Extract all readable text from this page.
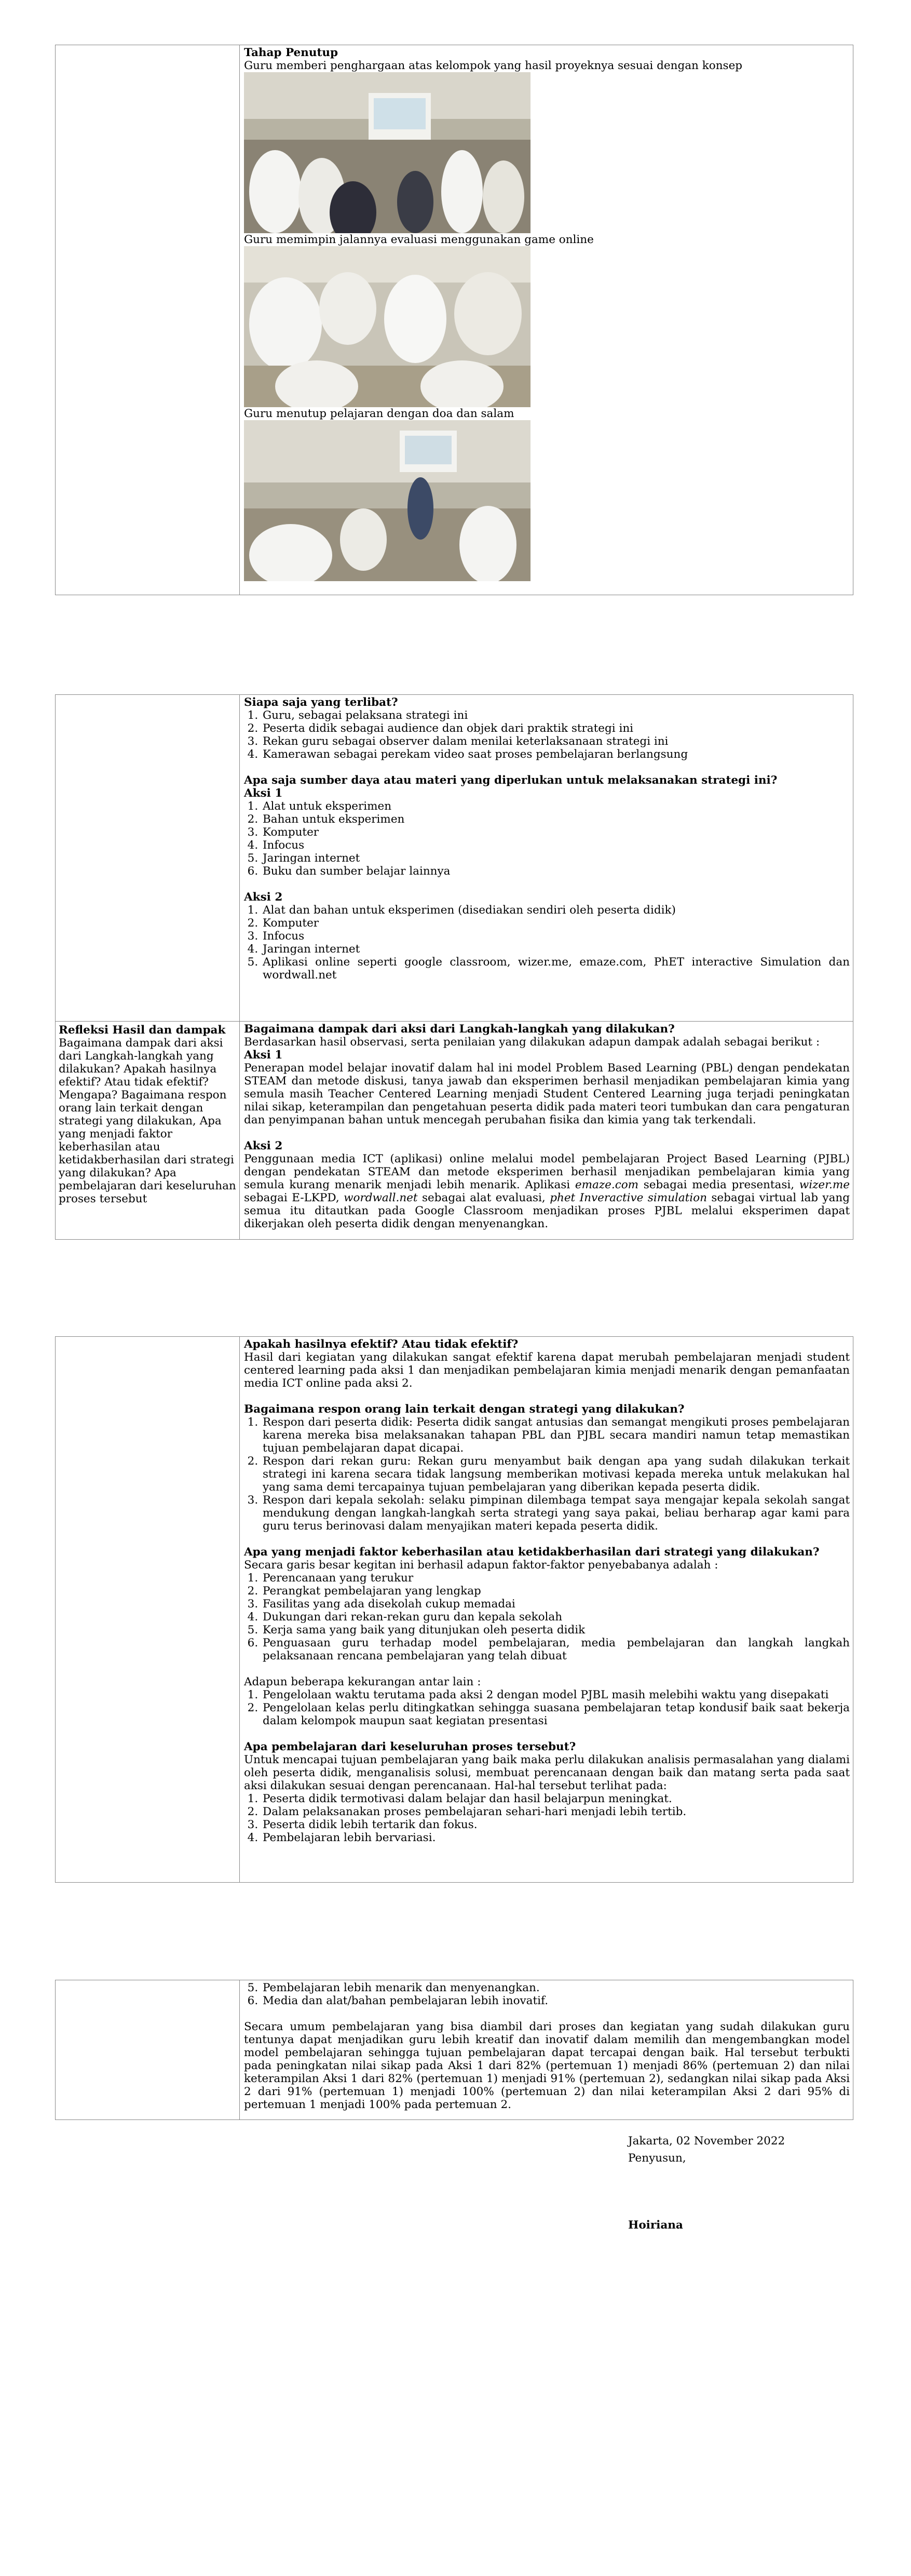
Tahap Penutup
Guru memberi penghargaan atas kelompok yang hasil proyeknya sesuai dengan konsep
Guru memimpin jalannya evaluasi menggunakan game online
Guru menutup pelajaran dengan doa dan salam
Siapa saja yang terlibat?
1. Guru, sebagai pelaksana strategi ini
2. Peserta didik sebagai audience dan objek dari praktik strategi ini
3. Rekan guru sebagai observer dalam menilai keterlaksanaan strategi ini
4. Kamerawan sebagai perekam video saat proses pembelajaran berlangsung
Apa saja sumber daya atau materi yang diperlukan untuk melaksanakan strategi ini?
Aksi 1
1. Alat untuk eksperimen
2. Bahan untuk eksperimen
3. Komputer
4. Infocus
5. Jaringan internet
6. Buku dan sumber belajar lainnya
Aksi 2
1. Alat dan bahan untuk eksperimen (disediakan sendiri oleh peserta didik)
2. Komputer
3. Infocus
4. Jaringan internet
5. Aplikasi online seperti google classroom, wizer.me, emaze.com, PhET interactive Simulation dan wordwall.net
Refleksi Hasil dan dampak
Bagaimana dampak dari aksi dari Langkah-langkah yang dilakukan? Apakah hasilnya efektif? Atau tidak efektif? Mengapa? Bagaimana respon orang lain terkait dengan strategi yang dilakukan, Apa yang menjadi faktor keberhasilan atau ketidakberhasilan dari strategi yang dilakukan? Apa pembelajaran dari keseluruhan proses tersebut
Bagaimana dampak dari aksi dari Langkah-langkah yang dilakukan?
Berdasarkan hasil observasi, serta penilaian yang dilakukan adapun dampak adalah sebagai berikut :
Aksi 1
Penerapan model belajar inovatif dalam hal ini model Problem Based Learning (PBL) dengan pendekatan STEAM dan metode diskusi, tanya jawab dan eksperimen berhasil menjadikan pembelajaran kimia yang semula masih Teacher Centered Learning menjadi Student Centered Learning juga terjadi peningkatan nilai sikap, keterampilan dan pengetahuan peserta didik pada materi teori tumbukan dan cara pengaturan dan penyimpanan bahan untuk mencegah perubahan fisika dan kimia yang tak terkendali.
Aksi 2
Penggunaan media ICT (aplikasi) online melalui model pembelajaran Project Based Learning (PJBL) dengan pendekatan STEAM dan metode eksperimen berhasil menjadikan pembelajaran kimia yang semula kurang menarik menjadi lebih menarik. Aplikasi emaze.com sebagai media presentasi, wizer.me sebagai E-LKPD, wordwall.net sebagai alat evaluasi, phet Inveractive simulation sebagai virtual lab yang semua itu ditautkan pada Google Classroom menjadikan proses PJBL melalui eksperimen dapat dikerjakan oleh peserta didik dengan menyenangkan.
Apakah hasilnya efektif? Atau tidak efektif?
Hasil dari kegiatan yang dilakukan sangat efektif karena dapat merubah pembelajaran menjadi student centered learning pada aksi 1 dan menjadikan pembelajaran kimia menjadi menarik dengan pemanfaatan media ICT online pada aksi 2.
Bagaimana respon orang lain terkait dengan strategi yang dilakukan?
1. Respon dari peserta didik: Peserta didik sangat antusias dan semangat mengikuti proses pembelajaran karena mereka bisa melaksanakan tahapan PBL dan PJBL secara mandiri namun tetap memastikan tujuan pembelajaran dapat dicapai.
2. Respon dari rekan guru: Rekan guru menyambut baik dengan apa yang sudah dilakukan terkait strategi ini karena secara tidak langsung memberikan motivasi kepada mereka untuk melakukan hal yang sama demi tercapainya tujuan pembelajaran yang diberikan kepada peserta didik.
3. Respon dari kepala sekolah: selaku pimpinan dilembaga tempat saya mengajar kepala sekolah sangat mendukung dengan langkah-langkah serta strategi yang saya pakai, beliau berharap agar kami para guru terus berinovasi dalam menyajikan materi kepada peserta didik.
Apa yang menjadi faktor keberhasilan atau ketidakberhasilan dari strategi yang dilakukan?
Secara garis besar kegitan ini berhasil adapun faktor-faktor penyebabanya adalah :
1. Perencanaan yang terukur
2. Perangkat pembelajaran yang lengkap
3. Fasilitas yang ada disekolah cukup memadai
4. Dukungan dari rekan-rekan guru dan kepala sekolah
5. Kerja sama yang baik yang ditunjukan oleh peserta didik
6. Penguasaan guru terhadap model pembelajaran, media pembelajaran dan langkah langkah pelaksanaan rencana pembelajaran yang telah dibuat
Adapun beberapa kekurangan antar lain :
1. Pengelolaan waktu terutama pada aksi 2 dengan model PJBL masih melebihi waktu yang disepakati
2. Pengelolaan kelas perlu ditingkatkan sehingga suasana pembelajaran tetap kondusif baik saat bekerja dalam kelompok maupun saat kegiatan presentasi
Apa pembelajaran dari keseluruhan proses tersebut?
Untuk mencapai tujuan pembelajaran yang baik maka perlu dilakukan analisis permasalahan yang dialami oleh peserta didik, menganalisis solusi, membuat perencanaan dengan baik dan matang serta pada saat aksi dilakukan sesuai dengan perencanaan. Hal-hal tersebut terlihat pada:
1. Peserta didik termotivasi dalam belajar dan hasil belajarpun meningkat.
2. Dalam pelaksanakan proses pembelajaran sehari-hari menjadi lebih tertib.
3. Peserta didik lebih tertarik dan fokus.
4. Pembelajaran lebih bervariasi.
5. Pembelajaran lebih menarik dan menyenangkan.
6. Media dan alat/bahan pembelajaran lebih inovatif.
Secara umum pembelajaran yang bisa diambil dari proses dan kegiatan yang sudah dilakukan guru tentunya dapat menjadikan guru lebih kreatif dan inovatif dalam memilih dan mengembangkan model model pembelajaran sehingga tujuan pembelajaran dapat tercapai dengan baik. Hal tersebut terbukti pada peningkatan nilai sikap pada Aksi 1 dari 82% (pertemuan 1) menjadi 86% (pertemuan 2) dan nilai keterampilan Aksi 1 dari 82% (pertemuan 1) menjadi 91% (pertemuan 2), sedangkan nilai sikap pada Aksi 2 dari 91% (pertemuan 1) menjadi 100% (pertemuan 2) dan nilai keterampilan Aksi 2 dari 95% di pertemuan 1 menjadi 100% pada pertemuan 2.
Jakarta, 02 November 2022
Penyusun,
Hoiriana
